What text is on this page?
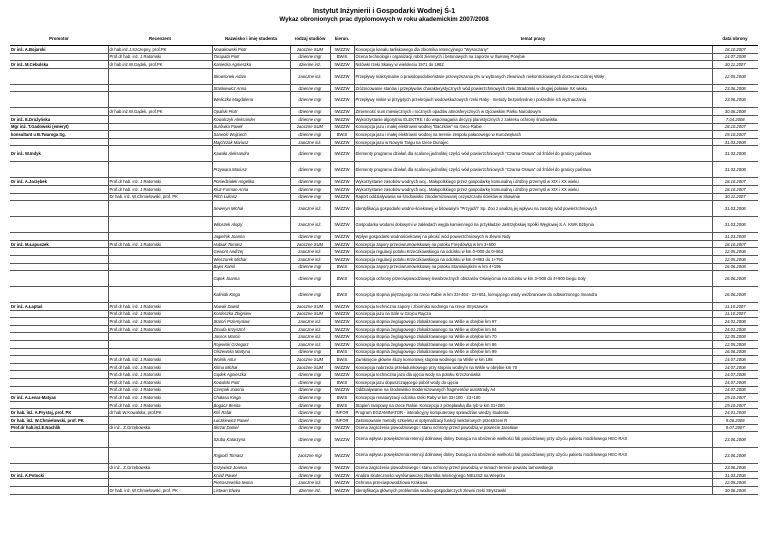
Instytut Inżynierii i Gospodarki Wodnej Ś-1
Wykaz obronionych prac dyplomowych w roku akademickim 2007/2008
Promotor	Recenzent	Nazwisko i imię studenta	rodzaj studiów	kierun.	temat pracy	data obrony
Dr inż. A.Bojarski	dr hab.inż.J.Szczepny, prof.PK	Nowakowski Piotr	zaoczne SUM	IWiZZW	Koncepcja kanału tarłiskowego dla zbiornika retencyjnego "Wysoczany"	18.10.2007
	Prof.dr hab. inż. J.Ratomski	Tarapata Piotr	dzienne mgr	BWiS	Ocena technologii i organizacji robót ziemnych i betonowych na zaporze w Świnnej Porębie	14.07.2008
Dr inż. M.Cebulska	dr hab.inż.W.Gądek, prof.PK	Kaniecka Agnieszka	dzienne inż.	IWiZZW	Niżówki rzeki Skawy w wieloleciu 1971 do 1982	30.11.2007
		Skowronek Adam	zaoczne inż.	IWiZZW	Przepływy maksymalne o prawdopodobieństwie przewyższania p% w wybranych zlewniach niekontrolowanych dorzecza Górnej Wisły	12.05.2008
		Stankiewicz Anna	dzienne mgr	IWiZZW	Zróżnicowanie stanów i przepływów charakterystycznych wód powierzchniowych rzeki Stradomki w drugiej połowie XX wieku	23.06.2008
		Wieliczko Magdalena	dzienne mgr	IWiZZW	Przepływy niskie w przyjętych przekrojach wodowskazowych rzeki Raby - metody bezpośrednie i pośrednie ich wyznaczania	23.06.2008
	dr hab.inż.W.Gądek, prof.PK	Opalski Piotr	dzienne mgr	IWiZZW	Zmienność sum miesięcznych i rocznych opadów atmosferycznych w Ojcowskim Parku Narodowym	30.06.2008
Dr inż. E.Drużyńska		Kowalczyk Aleksander	dzienne mgr	IWiZZW	Wykorzystanie algorytmu ELEKTRE I do wspomagania decyzji planistycznych z zakresu ochrony środowiska	7.04.2008
Mgr inż. T.Gadowski (emeryt)		Surówka Paweł	zaoczne SUM	IWiZZW	Koncepcja jazu i małej elektrowni wodnej "Baczków" na rzece Rabie	18.10.2007
konsultant u B.Twaroga Sg.		Sanecki Wojciech	dzienne mgr	BWiS	Koncepcja jazu i małej elektrowni wodnej na terenie zespołu pałacowego w Kurozwękach	19.10.2007
		Majchrzak Mariusz	zaoczne inż.	IWiZZW	Koncepcja jazu w Nowym Targu na rzece Dunajec	31.03.2008
Dr inż. W.Indyk		Kawała Aleksandra	dzienne mgr	IWiZZW	Elementy programu działań dla scalonej jednolitej części wód powierzchniowych "Czarna Orawa" od źródeł do granicy państwa	31.03.2008
		Przywara Mariusz	dzienne mgr	IWiZZW	Elementy programu działań dla scalonej jednolitej części wód powierzchniowych "Czarna Orawa" od źródeł do granicy państwa	31.03.2008
Dr inż. A.Jarzębek	Prof.dr hab. inż. J.Ratomski	Poniedziałek Angelika	dzienne mgr	IWiZZW	Wykorzystanie zasobów wodnych woj.. Małopolskiego przez gospodarkę komunalną i drobny przemysł w XIX i XX wieku	18.10.2007
	Prof.dr hab. inż. J.Ratomski	Kluz-Furman Anna	dzienne mgr	IWiZZW	Wykorzystanie zasobów wodnych woj.. Małopolskiego przez gospodarkę komunalną i drobny przemysł w XIX i XX wieku	18.10.2007
	Dr hab. inż. W.Chmielowski, prof. PK	Pilch Łukasz	dzienne mgr	IWiZZW	Raport oddziaływania na środowisko zmodernizowanej oczyszczalni ścieków w Skawinie	30.11.2007
		Seweryn Michał	zaoczne inż.	IWiZZW	Identyfikacja gospodarki wodno-ściekowej w bitowanym "Przyjaźń" Sp. Zoo z analizą jej wpływu na zasoby wód powierzchniowych	31.03.2008
		Wiloszek Alojzy	zaoczne inż.	IWiZZW	Gospodarka wodami dołowymi w zakładach węgla kamiennego na przykładzie Jastrzębskiej Spółki Węglowej S.A. KWK Bzbynia	31.03.2008
		Jagielnik Joanna	dzienne mgr	IWiZZW	Wpływ gospodarki wodnościekowej na jakość wód powierzchniowych w zlewni Nidy	31.03.2008
Dr inż. M.Łapuszek	Prof.dr hab. inż. J.Ratomski	Hubiak Tomasz	zaoczne SUM	IWiZZW	Koncepcja zapory przeciwrumowiskowej na potoku Forędówka w km 3+500	18.10.2007
		Gewont Andrzej	zaoczne inż.	IWiZZW	Koncepcja regulacji potoku Krzeczkowskiego na odcinku w km 0+000 do 0+863	12.05.2008
		Wieczorek Michał	zaoczne inż.	IWiZZW	Koncepcja regulacji potoku Krzeczkowskiego na odcinku w km 0+863 do 1+791	12.05.2008
		Bajer Kamil	dzienne mgr	BWiS	Koncepcja zapory przeciwrumowiskowej na potoku Starowiejskim w km 4+195	16.06.2008
		Gątek Joanna	dzienne mgr	BWiS	Koncepcja ochrony przeciwpowodziowej lewobrzeżnych obszarów Oświęcimia na odcinku w km 3+900 do 4+900 biegu Soły	16.06.2008
		Kaliniak Kinga	dzienne mgr	BWiS	Koncepcja stopnia piętrzącego na rzece Rabie w km 23+464 - 22+651, kierującego wody wezbraniowe do odtworzonego meandra	16.06.2008
Dr inż. A.Łaptaś	Prof.dr hab. inż. J.Ratomski	Nowak Dawid	zaoczne SUM	IWiZZW	Koncepcja techniczna zapory i zbiornika wodnego na rzece Stryszawce	11.10.2007
	Prof.dr hab. inż. J.Ratomski	Kordeczka Zbigniew	zaoczne SUM	IWiZZW	Koncepcja jazu na Sole w Grojcu Rajcza	11.10.2007
	Prof.dr hab. inż. J.Ratomski	Staroń Przemysław	zaoczne inż.	IWiZZW	Koncepcja stopnia żeglugowego zlokalizowanego na Wiśle w obrębie km 97	24.01.2008
	Prof.dr hab. inż. J.Ratomski	Żmuda Krzysztof	zaoczne inż.	IWiZZW	Koncepcja stopnia żeglugowego zlokalizowanego na Wiśle w obrębie km 94	24.01.2008
		Jasnos Marcin	zaoczne inż.	IWiZZW	Koncepcja stopnia żeglugowego zlokalizowanego na Wiśle w obrębie km 70	12.05.2008
		Rojewski Grzegorz	zaoczne inż.	IWiZZW	Koncepcja stopnia żeglugowego zlokalizowanego na Wiśle w obrębie km 86	12.05.2008
		Olszewska Martyna	dzienne mgr	BWiS	Koncepcja stopnia żeglugowego zlokalizowanego na Wiśle w obrębie km 99	16.06.2008
	Prof.dr hab. inż. J.Ratomski	Wolnik Artur	zaoczne SUM	BWiS	Zamknięcie główne śluzy komorowej stopnia wodnego na Wiśle w km 198	14.07.2008
	Prof.dr hab. inż. J.Ratomski	Klima Michał	zaoczne SUM	IWiZZW	Koncepcja nabrzeża przeładunkowego przy stopniu wodnym na Wiśle w obrębie km 70	14.07.2008
	Prof.dr hab. inż. J.Ratomski	Gądek Agnieszka	dzienne mgr	IWiZZW	Koncepcja techniczna jazu dla ujęcia wody na potoku Krzczonówka	14.07.2008
	Prof.dr hab. inż. J.Ratomski	Kowalski Piotr	dzienne mgr	BWiS	Koncepcja jazu dopuszczającego pobór wody do ujęcia	14.07.2008
	Prof.dr hab. inż. J.Ratomski	Czerpak Joanna	dzienne mgr	IWiZZW	Oddziaływanie na środowisko modernizowanych fragmentów autostrady A4	14.07.2008
Dr inż. A.Lenar-Matyas	Prof.dr hab. inż. J.Ratomski	Chałasa Kinga	dzienne mgr	BWiS	Koncepcja renaturyzacji odcinka rzeki Raby w km 33+100 - 23+100	19.10.2007
	Prof.dr hab. inż. J.Ratomski	Bogacz Benita	dzienne mgr	BWiS	Stopień rampowy na rzece Rabie. Koncepcja z przepławką dla ryb w km 31+200	19.10.2007
Dr hab. inż. A.Prystaj, prof. PK	dr hab.W.Kowalska, prof.PK	Kliś Rafał	dzienne mgr	INFOR	Program EGZAMINATOR - interakcyjny komputerowy sprawdzian wiedzy studenta	24.01.2008
Dr hab. inż. W.Chmielowski, prof. PK		Łuczkiewicz Paweł	dzienne mgr	INFOR	Zastosowanie metody szkieletu w optymalizacji funkcji wektorowych przestrzeni R	9.06.2008
Prof.dr hab.inż.E.Nachlik	dr inż.. Z.Grzębowska	Skrzat Daniel	dzienne mgr	IWiZZW	Ocena zagrożenia powodziowego i stanu ochrony przed powodzią w powiecie Jarosław	9.07.2007
		Szuba Katarzyna	dzienne mgr	IWiZZW	Ocena wpływu powiększenia retencji dolinowej doliny Dunajca na obniżenie wielkości fali powodziowej przy użyciu pakietu modelowego HEC-RAS	23.06.2008
		Rajpold Tomasz	zaoczne mgr	IWiZZW	Ocena wpływu powiększenia retencji dolinowej doliny Dunajca na obniżenie wielkości fali powodziowej przy użyciu pakietu modelowego HEC-RAS	23.06.2008
	dr inż.. Z.Grzębowska	Grzywacz Joanna	dzienne mgr	IWiZZW	Ocena zagrożenia powodziowego i stanu ochrony przed powodzią w ramach terenie powiatu tarnowskiego	23.06.2008
Dr inż. A.Potocki		Kniaź Paweł	dzienne mgr	IWiZZW	Analiza skuteczności wyrównawczej zbiornika retencyjnego NIELISZ na Wieprzu	31.03.2008
		Pietraszewska Iwona	zaoczne inż.	IWiZZW	Ochrona przeciwpowodziowa Krakowa	12.05.2008
	Dr hab. inż. W.Chmielowski, prof. PK	Listwan Elwira	dzienne inż.	IWiZZW	Identyfikacja głównych problemów wodno-gospodarczych zlewni rzeki Stryszawki	30.06.2008
